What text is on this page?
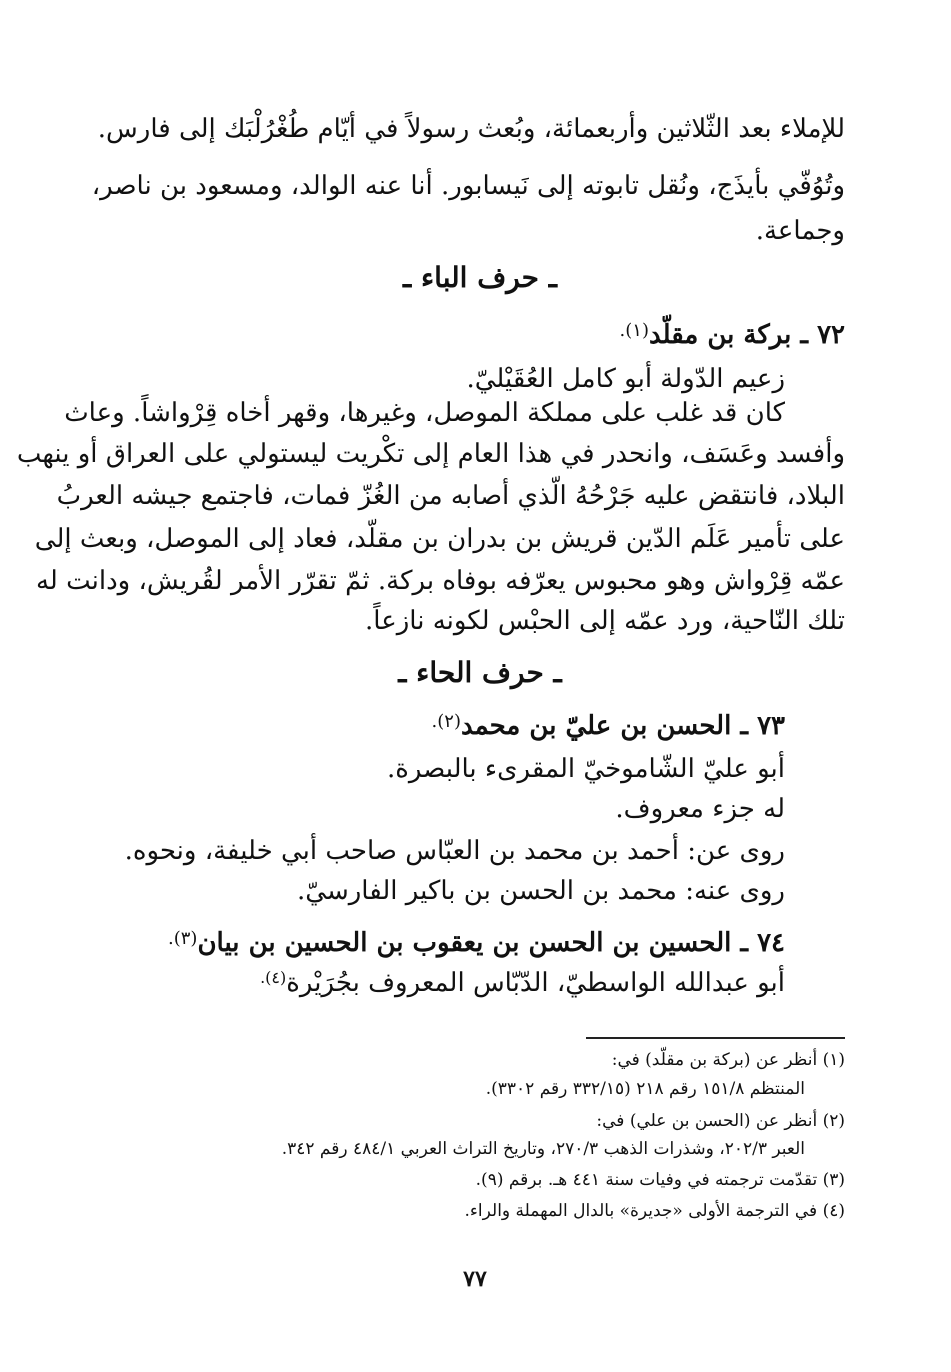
للإملاء بعد الثّلاثين وأربعمائة، وبُعث رسولاً في أيّام طُغْرُلْبَك إلى فارس.
وتُوُفّي بأيذَج، ونُقل تابوته إلى نَيسابور. أنا عنه الوالد، ومسعود بن ناصر،
وجماعة.
ـ حرف الباء ـ
٧٢ ـ بركة بن مقلّد$^{(١).}$
زعيم الدّولة أبو كامل العُقَيْليّ.
كان قد غلب على مملكة الموصل، وغيرها، وقهر أخاه قِرْواشاً. وعاث
وأفسد وعَسَف، وانحدر في هذا العام إلى تكْريت ليستولي على العراق أو ينهب
البلاد، فانتقض عليه جَرْحُهُ الّذي أصابه من الغُزّ فمات، فاجتمع جيشه العربُ
على تأمير عَلَم الدّين قريش بن بدران بن مقلّد، فعاد إلى الموصل، وبعث إلى
عمّه قِرْواش وهو محبوس يعرّفه بوفاه بركة. ثمّ تقرّر الأمر لقُريش، ودانت له
تلك النّاحية، ورد عمّه إلى الحبْس لكونه نازعاً.
ـ حرف الحاء ـ
٧٣ ـ الحسن بن عليّ بن محمد$^{(٢).}$
أبو عليّ الشّاموخيّ المقرىء بالبصرة.
له جزء معروف.
روى عن: أحمد بن محمد بن العبّاس صاحب أبي خليفة، ونحوه.
روى عنه: محمد بن الحسن بن باكير الفارسيّ.
٧٤ ـ الحسين بن الحسن بن يعقوب بن الحسين بن بيان$^{(٣).}$
أبو عبدالله الواسطيّ، الدّبّاس المعروف بجُرَيْرة$^{(٤).}$
(١) أنظر عن (بركة بن مقلّد) في:
المنتظم ١٥١/٨ رقم ٢١٨ (٣٣٢/١٥ رقم ٣٣٠٢).
(٢) أنظر عن (الحسن بن علي) في:
العبر ٢٠٢/٣، وشذرات الذهب ٢٧٠/٣، وتاريخ التراث العربي ٤٨٤/١ رقم ٣٤٢.
(٣) تقدّمت ترجمته في وفيات سنة ٤٤١ هـ. برقم (٩).
(٤) في الترجمة الأولى «جديرة» بالدال المهملة والراء.
٧٧
